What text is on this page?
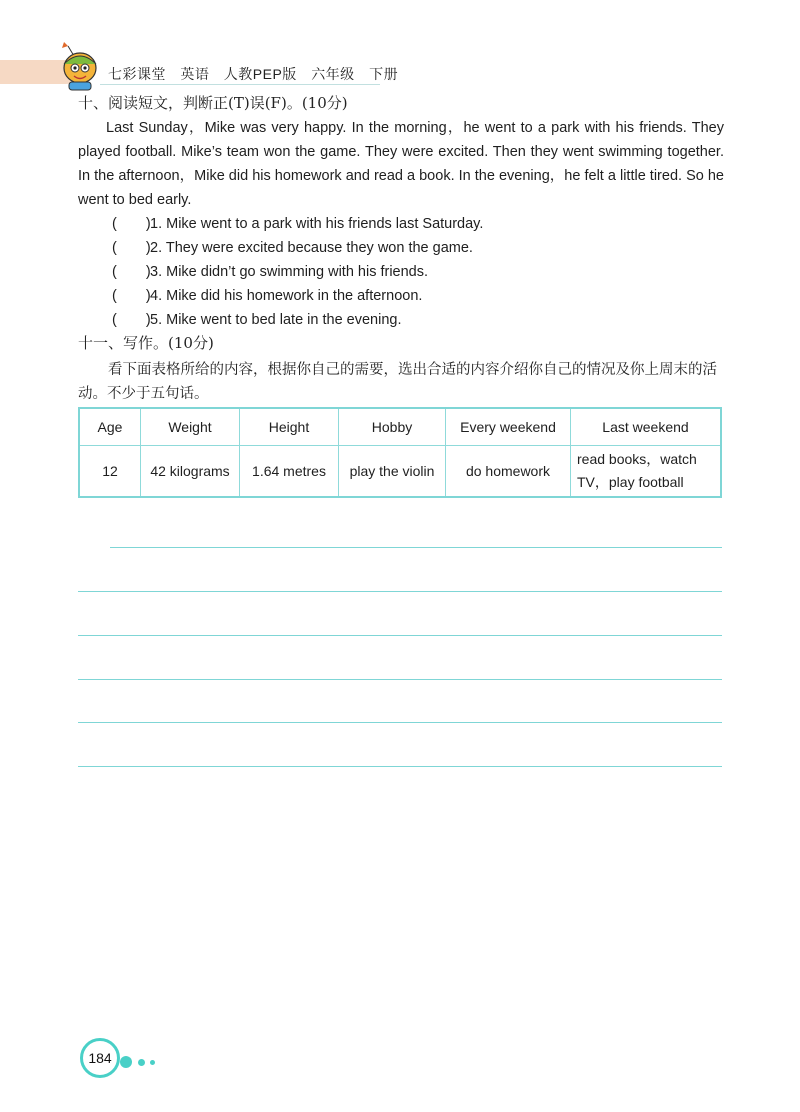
七彩课堂 英语 人教PEP版 六年级 下册
十、阅读短文，判断正(T)误(F)。(10分)

Last Sunday，Mike was very happy. In the morning，he went to a park with his friends. They played football. Mike’s team won the game. They were excited. Then they went swimming together. In the afternoon，Mike did his homework and read a book. In the evening，he felt a little tired. So he went to bed early.

(　　)1. Mike went to a park with his friends last Saturday.
(　　)2. They were excited because they won the game.
(　　)3. Mike didn’t go swimming with his friends.
(　　)4. Mike did his homework in the afternoon.
(　　)5. Mike went to bed late in the evening.
十一、写作。(10分)
看下面表格所给的内容，根据你自己的需要，选出合适的内容介绍你自己的情况及你上周末的活动。不少于五句话。
Age	Weight	Height	Hobby	Every weekend	Last weekend
12	42 kilograms	1.64 metres	play the violin	do homework	read books，watch TV，play football
184
